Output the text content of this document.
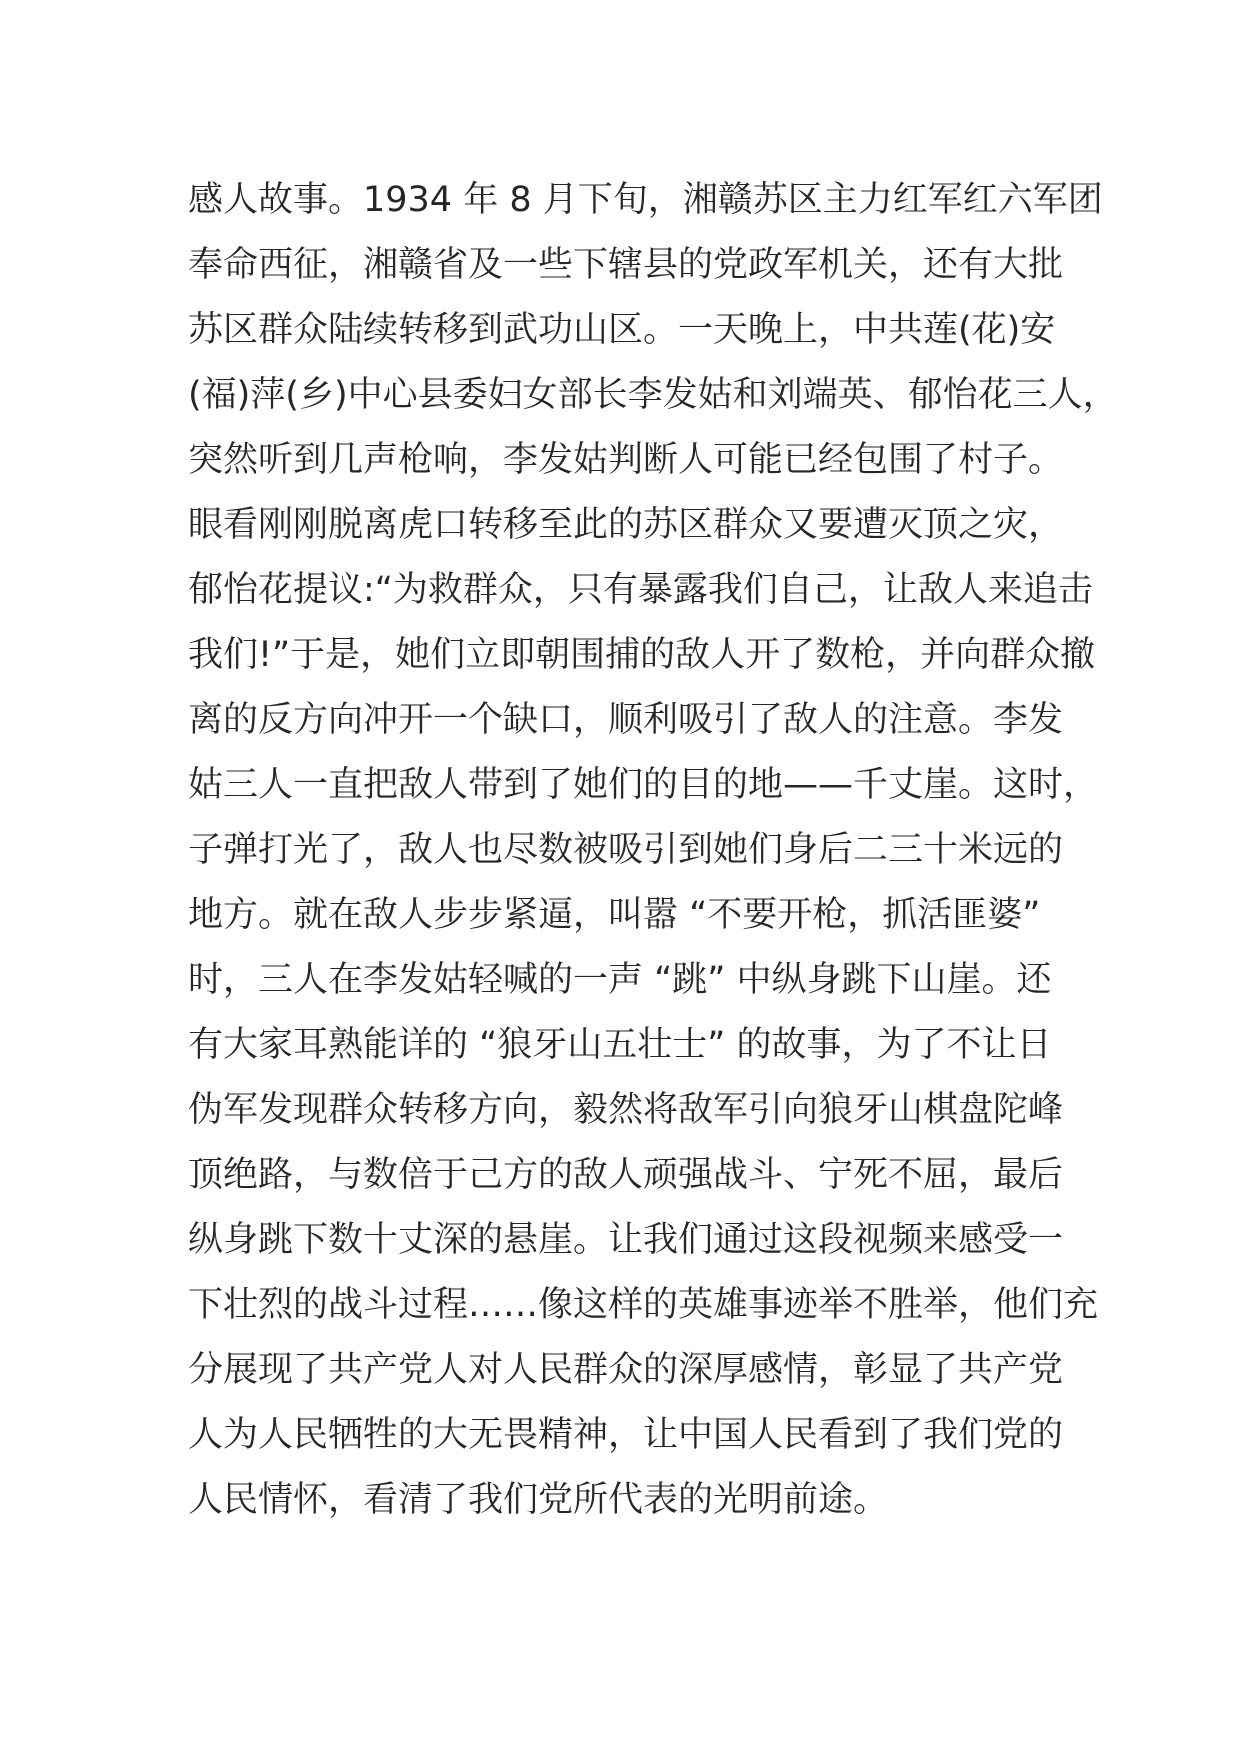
感人故事。1934 年 8 月下旬，湘赣苏区主力红军红六军团
奉命西征，湘赣省及一些下辖县的党政军机关，还有大批
苏区群众陆续转移到武功山区。一天晚上，中共莲(花)安
(福)萍(乡)中心县委妇女部长李发姑和刘端英、郁怡花三人，
突然听到几声枪响，李发姑判断人可能已经包围了村子。
眼看刚刚脱离虎口转移至此的苏区群众又要遭灭顶之灾，
郁怡花提议:“为救群众，只有暴露我们自己，让敌人来追击
我们!”于是，她们立即朝围捕的敌人开了数枪，并向群众撤
离的反方向冲开一个缺口，顺利吸引了敌人的注意。李发
姑三人一直把敌人带到了她们的目的地——千丈崖。这时，
子弹打光了，敌人也尽数被吸引到她们身后二三十米远的
地方。就在敌人步步紧逼，叫嚣 “不要开枪，抓活匪婆”
时，三人在李发姑轻喊的一声 “跳” 中纵身跳下山崖。还
有大家耳熟能详的 “狼牙山五壮士” 的故事，为了不让日
伪军发现群众转移方向，毅然将敌军引向狼牙山棋盘陀峰
顶绝路，与数倍于己方的敌人顽强战斗、宁死不屈，最后
纵身跳下数十丈深的悬崖。让我们通过这段视频来感受一
下壮烈的战斗过程……像这样的英雄事迹举不胜举，他们充
分展现了共产党人对人民群众的深厚感情，彰显了共产党
人为人民牺牲的大无畏精神，让中国人民看到了我们党的
人民情怀，看清了我们党所代表的光明前途。
